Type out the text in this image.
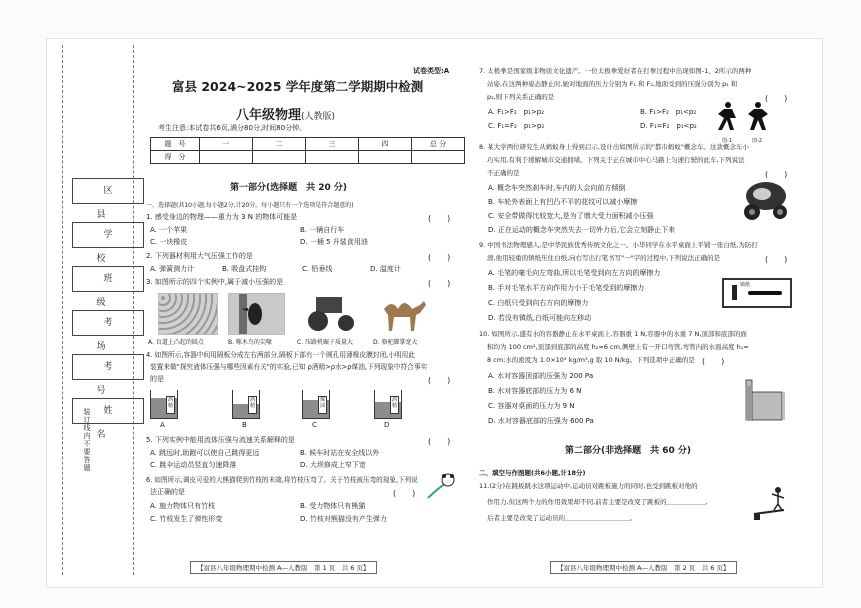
区 县
学 校
班 级
考 场
考 号
姓 名
装订线内不要答题
试卷类型:A
富县 2024~2025 学年度第二学期期中检测
八年级物理(人教版)
考生注意:本试卷共6页,满分80分,时间80分钟。
题　号	一	二	三	四	总 分
得　分					
第一部分(选择题　共 20 分)
一、选择题(共10小题,每小题2分,计20分。每小题只有一个选项是符合题意的)
1. 感受身边的物理——重力为 3 N 的物体可能是	(　　)
A. 一个苹果	B. 一辆自行车
C. 一块橡皮	D. 一桶 5 升装食用油
2. 下列器材利用大气压强工作的是	(　　)
A. 弹簧测力计	B. 吸盘式挂钩	C. 铅垂线	D. 温度计
3. 如图所示的四个实例中,属于减小压强的是	(　　)
A. 盲道上凸起的圆点	B. 啄木鸟的尖喙	C. 压路机碾子质量大	D. 骆驼脚掌宽大
4. 如图所示,容器中间用隔板分成左右两部分,隔板下部有一个圆孔用薄橡皮膜封闭,小明用此
装置来做"探究液体压强与哪些因素有关"的实验,已知 ρ酒精>ρ水>ρ煤油,下列现象中符合事实
的是	(　　)
酒精
酒精
煤油
酒精
A	B	C	D
5. 下列实例中能用流体压强与流速关系解释的是	(　　)
A. 跳远时,助跑可以使自己跳得更远	B. 候车时站在安全线以外
C. 跳伞运动员竖直匀速降落	D. 大坝修成上窄下宽
6. 如图所示,调皮可爱的大熊猫爬到竹枝的末端,将竹枝压弯了。关于竹枝被压弯的现象,下列说
法正确的是	(　　)
A. 施力物体只有竹枝	B. 受力物体只有熊猫
C. 竹枝发生了弹性形变	D. 竹枝对熊猫没有产生弹力
【富县八年级物理期中检测 A—人教版　第 1 页　共 6 页】
7. 太极拳是国家级非物质文化遗产。一位太极拳爱好者在打拳过程中出现如图-1、2所示的两种
站姿,在这两种姿态静止时,她对地面的压力分别为 F₁ 和 F₂,地面受到的压强分别为 p₁ 和
p₂,则下列关系正确的是	(　　)
A. F₁>F₂　p₁>p₂	B. F₁>F₂　p₁<p₂
C. F₁=F₂　p₁>p₂	D. F₁=F₂　p₁<p₂
图-1	图-2
8. 某大学两位研究生从蚂蚁身上得到启示,设计出如图所示的"都市蚂蚁"概念车。这款概念车小
巧实用,有利于缓解城市交通拥堵。下列关于正在城市中心马路上匀速行驶的此车,下列说法
不正确的是	(　　)
A. 概念车突然刹车时,车内的人会向前方倾倒
B. 车轮外表面上有凹凸不平的花纹可以减小摩擦
C. 安全带做得比较宽大,是为了增大受力面积减小压强
D. 正在运动的概念车突然失去一切外力后,它会立刻静止下来
9. 中国书法物理感人,是中华民族优秀传统文化之一。小华同学在水平桌面上平铺一张白纸,为防打
滑,他用较重的镇纸压住白纸,向右写出行笔书写"一"字的过程中,下列说法正确的是	(　　)
A. 毛笔的毫毛向左弯曲,所以毛笔受到向左方向的摩擦力
B. 手对毛笔水平方向作用力小于毛笔受到的摩擦力
C. 白纸只受到向右方向的摩擦力
D. 若没有镇纸,白纸可能向左移动
镇纸
10. 如图所示,盛有水的容器静止在水平桌面上,容器重 1 N,容器中的水重 7 N,顶部和底部的面
积均为 100 cm²,顶部到底部的高度 h₂=6 cm,侧壁上有一开口弯管,弯管内的水面高度 h₁=
8 cm;水的密度为 1.0×10³ kg/m³,g 取 10 N/kg。下列选项中正确的是 (　　)
A. 水对容器顶部的压强为 200 Pa
B. 水对容器底部的压力为 6 N
C. 容器对桌面的压力为 9 N
D. 水对容器底部的压强为 600 Pa
第二部分(非选择题　共 60 分)
二、填空与作图题(共6小题,计18分)
11.(2分)在跳板跳水这项运动中,运动员对跳板施力的同时,也受到跳板对他的
作用力,但这两个力的作用效果却不同,前者主要是改变了跳板的＿＿＿＿＿＿,
后者主要是改变了运动员的＿＿＿＿＿＿＿＿＿＿。
【富县八年级物理期中检测 A—人教版　第 2 页　共 6 页】
